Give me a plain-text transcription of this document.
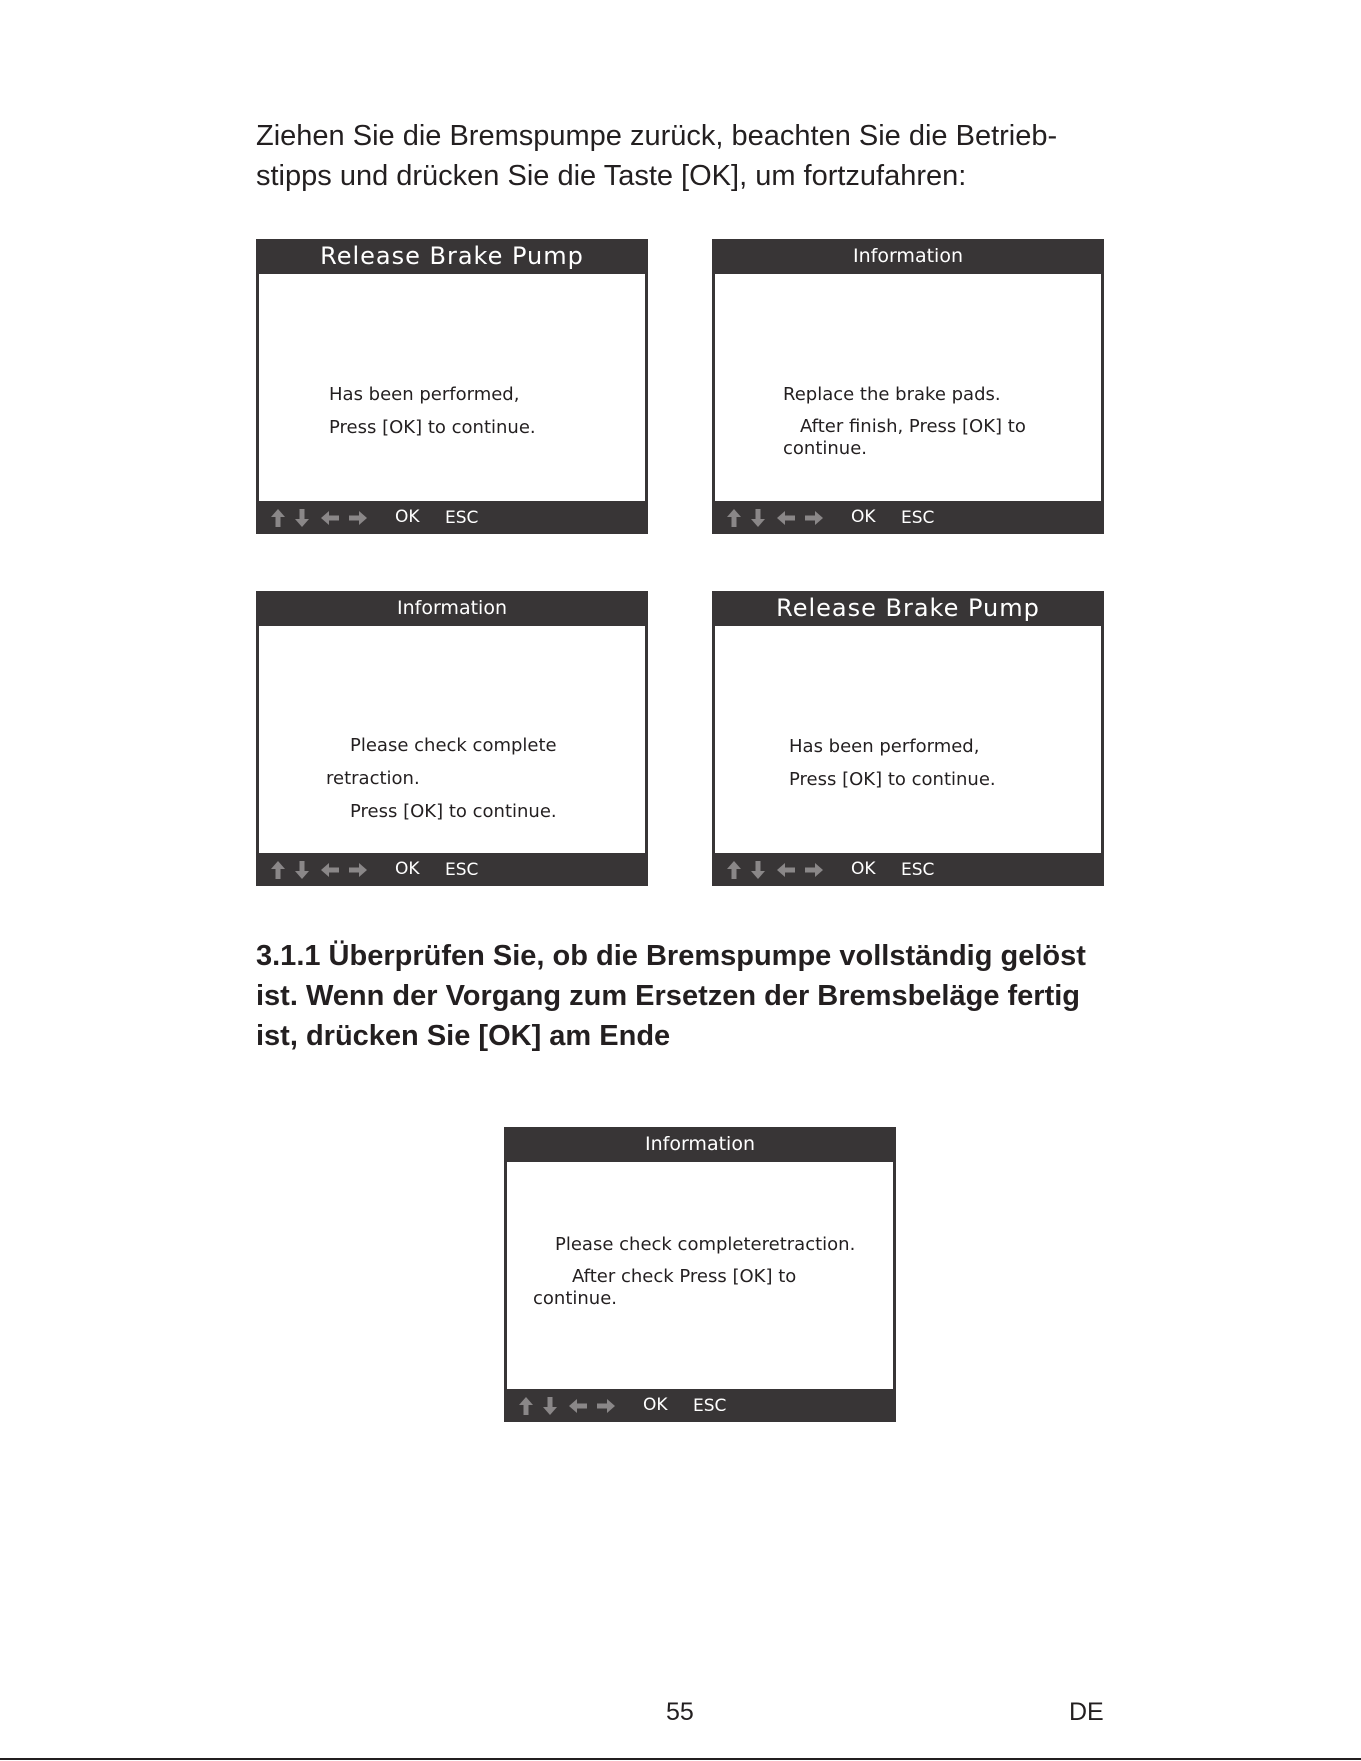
Ziehen Sie die Bremspumpe zurück, beachten Sie die Betrieb-
stipps und drücken Sie die Taste [OK], um fortzufahren:
Release Brake Pump
Has been performed,
Press [OK] to continue.
OK ESC
Information
Replace the brake pads.
After finish, Press [OK] to
continue.
OK ESC
Information
Please check complete
retraction.
Press [OK] to continue.
OK ESC
Release Brake Pump
Has been performed,
Press [OK] to continue.
OK ESC
3.1.1 Überprüfen Sie, ob die Bremspumpe vollständig gelöst
ist. Wenn der Vorgang zum Ersetzen der Bremsbeläge fertig
ist, drücken Sie [OK] am Ende
Information
Please check completeretraction.
After check Press [OK] to
continue.
OK ESC
55	DE
